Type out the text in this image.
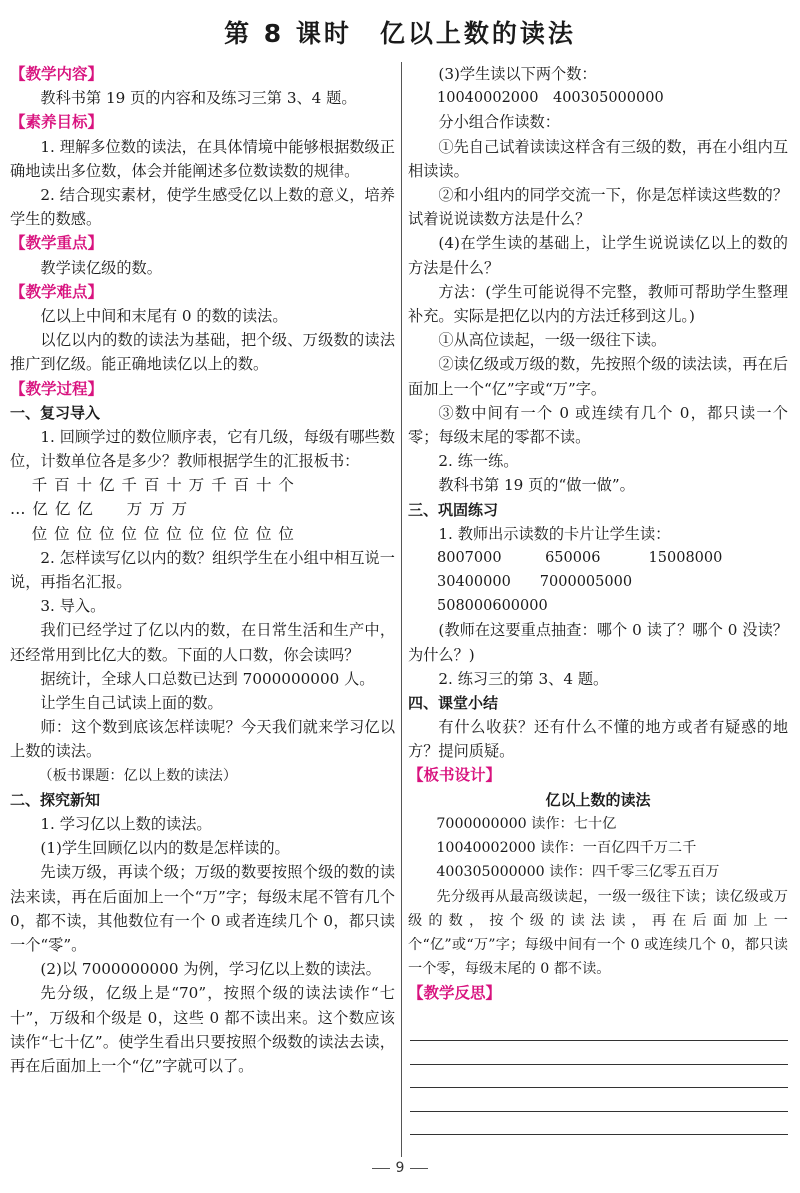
第 8 课时　亿以上数的读法
【教学内容】
教科书第 19 页的内容和及练习三第 3、4 题。
【素养目标】
1. 理解多位数的读法，在具体情境中能够根据数级正确地读出多位数，体会并能阐述多位数读数的规律。
2. 结合现实素材，使学生感受亿以上数的意义，培养学生的数感。
【教学重点】
教学读亿级的数。
【教学难点】
亿以上中间和末尾有 0 的数的读法。
以亿以内的数的读法为基础，把个级、万级数的读法推广到亿级。能正确地读亿以上的数。
【教学过程】
一、复习导入
1. 回顾学过的数位顺序表，它有几级，每级有哪些数位，计数单位各是多少？教师根据学生的汇报板书：
千 百 十 亿 千 百 十 万 千 百 十 个
… 亿 亿 亿　　万 万 万
位 位 位 位 位 位 位 位 位 位 位 位
2. 怎样读写亿以内的数？组织学生在小组中相互说一说，再指名汇报。
3. 导入。
我们已经学过了亿以内的数，在日常生活和生产中，还经常用到比亿大的数。下面的人口数，你会读吗？
据统计，全球人口总数已达到 7000000000 人。
让学生自己试读上面的数。
师：这个数到底该怎样读呢？今天我们就来学习亿以上数的读法。
（板书课题：亿以上数的读法）
二、探究新知
1. 学习亿以上数的读法。
(1)学生回顾亿以内的数是怎样读的。
先读万级，再读个级；万级的数要按照个级的数的读法来读，再在后面加上一个“万”字；每级末尾不管有几个 0，都不读，其他数位有一个 0 或者连续几个 0，都只读一个“零”。
(2)以 7000000000 为例，学习亿以上数的读法。
先分级，亿级上是“70”，按照个级的读法读作“七十”，万级和个级是 0，这些 0 都不读出来。这个数应该读作“七十亿”。使学生看出只要按照个级数的读法去读，再在后面加上一个“亿”字就可以了。
(3)学生读以下两个数：
10040002000　400305000000
分小组合作读数：
①先自己试着读读这样含有三级的数，再在小组内互相读读。
②和小组内的同学交流一下，你是怎样读这些数的？试着说说读数方法是什么？
(4)在学生读的基础上，让学生说说读亿以上的数的方法是什么？
方法：(学生可能说得不完整，教师可帮助学生整理补充。实际是把亿以内的方法迁移到这儿。)
①从高位读起，一级一级往下读。
②读亿级或万级的数，先按照个级的读法读，再在后面加上一个“亿”字或“万”字。
③数中间有一个 0 或连续有几个 0，都只读一个零；每级末尾的零都不读。
2. 练一练。
教科书第 19 页的“做一做”。
三、巩固练习
1. 教师出示读数的卡片让学生读：
8007000　　　650006　　　 15008000
30400000　　7000005000
508000600000
(教师在这要重点抽查：哪个 0 读了？哪个 0 没读？为什么？)
2. 练习三的第 3、4 题。
四、课堂小结
有什么收获？还有什么不懂的地方或者有疑惑的地方？提问质疑。
【板书设计】
亿以上数的读法
7000000000 读作：七十亿
10040002000 读作：一百亿四千万二千
400305000000 读作：四千零三亿零五百万
先分级再从最高级读起，一级一级往下读；读亿级或万级的数，按个级的读法读，再在后面加上一个“亿”或“万”字；每级中间有一个 0 或连续几个 0，都只读一个零，每级末尾的 0 都不读。
【教学反思】
9
